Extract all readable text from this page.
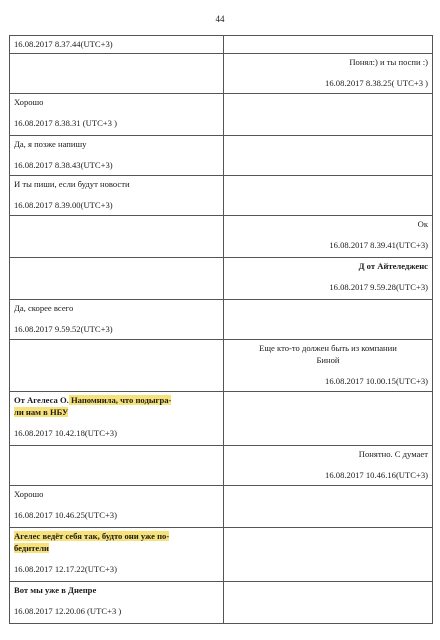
44
16.08.2017 8.37.44(UTC+3)	

	Понял:) и ты поспи :)
16.08.2017 8.38.25( UTC+3 )

Хорошо
16.08.2017 8.38.31 (UTC+3 )	

Да, я позже напишу
16.08.2017 8.38.43(UTC+3)	

И ты пиши, если будут новости
16.08.2017 8.39.00(UTC+3)	

	Ок
16.08.2017 8.39.41(UTC+3)

	Д от Айтеледженс
16.08.2017 9.59.28(UTC+3)

Да, скорее всего
16.08.2017 9.59.52(UTC+3)	

	Еще кто-то должен быть из компании
Биной
16.08.2017 10.00.15(UTC+3)

От Агелеса О. Напомнила, что подыгра-
ли нам в НБУ
16.08.2017 10.42.18(UTC+3)	

	Понятно. С думает
16.08.2017 10.46.16(UTC+3)

Хорошо
16.08.2017 10.46.25(UTC+3)	

Агелес ведёт себя так, будто они уже по-
бедители
16.08.2017 12.17.22(UTC+3)	

Вот мы уже в Днепре
16.08.2017 12.20.06 (UTC+3 )	
